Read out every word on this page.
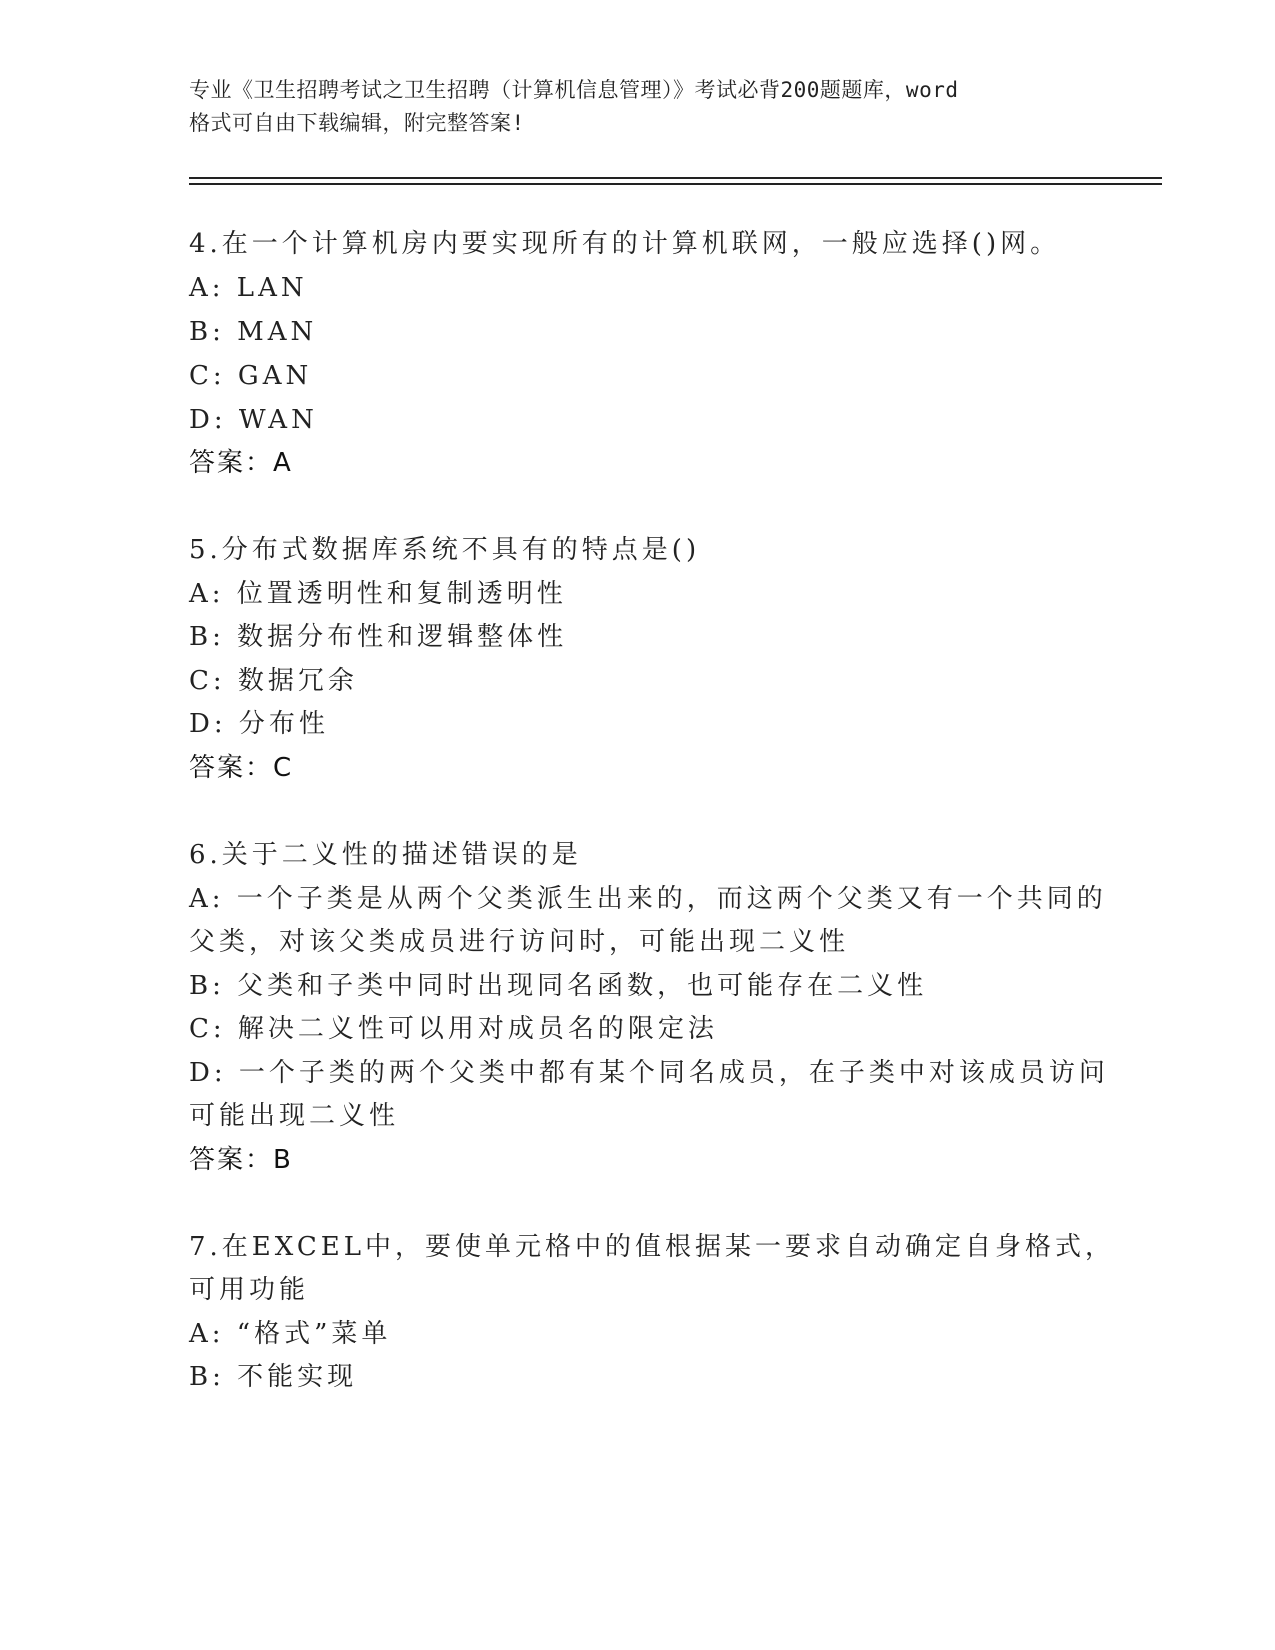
专业《卫生招聘考试之卫生招聘（计算机信息管理）》考试必背200题题库，word
格式可自由下载编辑，附完整答案!
4.在一个计算机房内要实现所有的计算机联网，一般应选择()网。
A: LAN
B: MAN
C: GAN
D: WAN
答案：A
5.分布式数据库系统不具有的特点是()
A: 位置透明性和复制透明性
B: 数据分布性和逻辑整体性
C: 数据冗余
D: 分布性
答案：C
6.关于二义性的描述错误的是
A: 一个子类是从两个父类派生出来的，而这两个父类又有一个共同的
父类，对该父类成员进行访问时，可能出现二义性
B: 父类和子类中同时出现同名函数，也可能存在二义性
C: 解决二义性可以用对成员名的限定法
D: 一个子类的两个父类中都有某个同名成员，在子类中对该成员访问
可能出现二义性
答案：B
7.在EXCEL中，要使单元格中的值根据某一要求自动确定自身格式，
可用功能
A: “格式”菜单
B: 不能实现
